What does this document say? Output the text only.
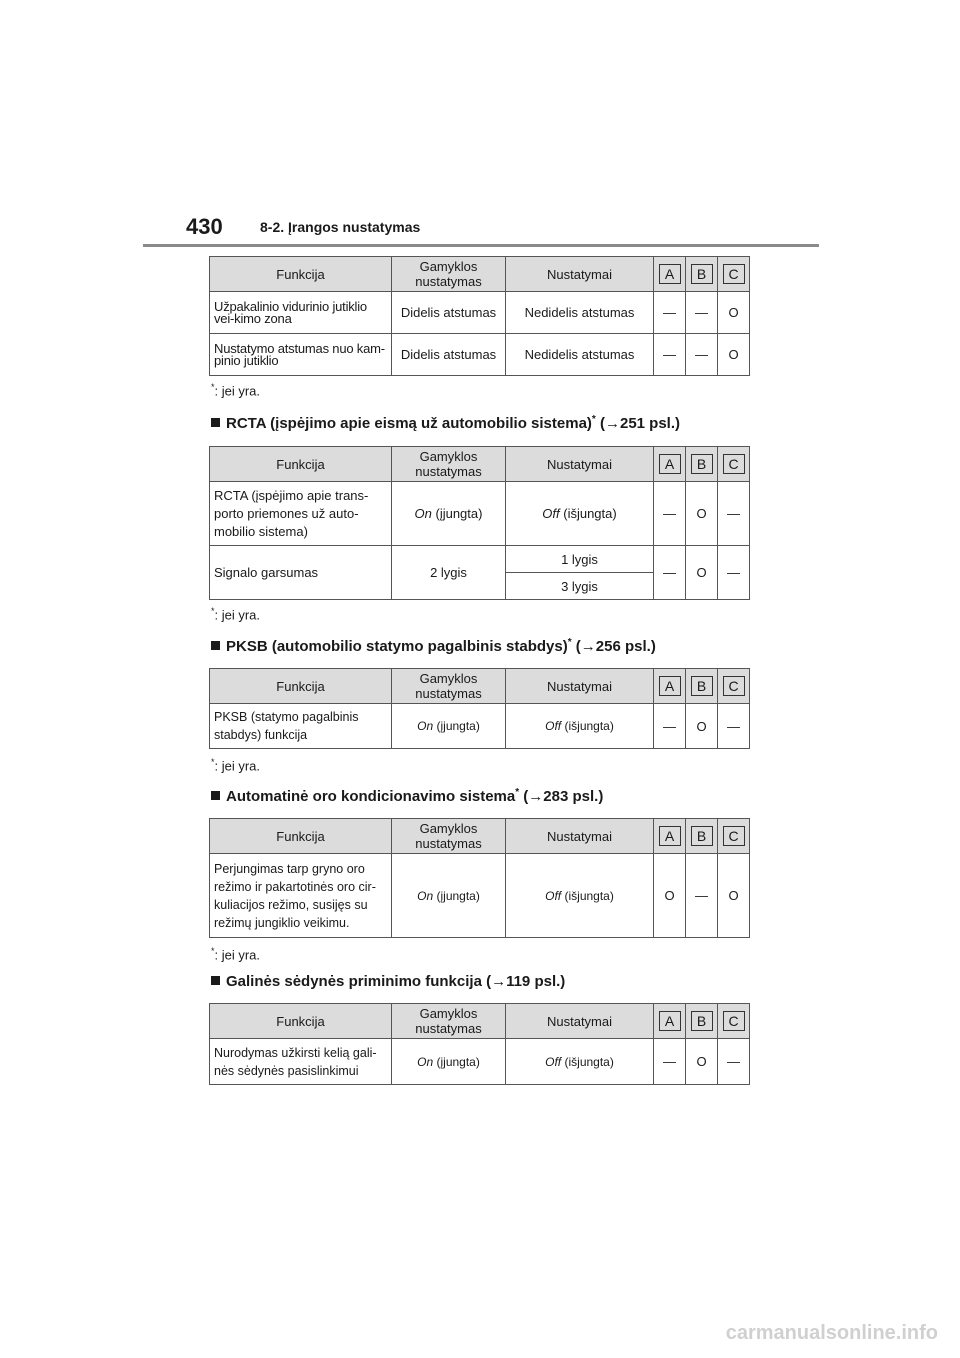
430	8-2. Įrangos nustatymas
Funkcija	Gamyklos nustatymas	Nustatymai	A	B	C
Užpakalinio vidurinio jutiklio vei-kimo zona	Didelis atstumas	Nedidelis atstumas	—	—	O
Nustatymo atstumas nuo kam-pinio jutiklio	Didelis atstumas	Nedidelis atstumas	—	—	O
*: jei yra.
RCTA (įspėjimo apie eismą už automobilio sistema)* (→251 psl.)
Funkcija	Gamyklos nustatymas	Nustatymai	A	B	C
RCTA (įspėjimo apie trans-porto priemones už auto-mobilio sistema)	On (įjungta)	Off (išjungta)	—	O	—
Signalo garsumas	2 lygis	1 lygis	—	O	—
		3 lygis			
*: jei yra.
PKSB (automobilio statymo pagalbinis stabdys)* (→256 psl.)
Funkcija	Gamyklos nustatymas	Nustatymai	A	B	C
PKSB (statymo pagalbinis stabdys) funkcija	On (įjungta)	Off (išjungta)	—	O	—
*: jei yra.
Automatinė oro kondicionavimo sistema* (→283 psl.)
Funkcija	Gamyklos nustatymas	Nustatymai	A	B	C
Perjungimas tarp gryno oro režimo ir pakartotinės oro cir-kuliacijos režimo, susijęs su režimų jungiklio veikimu.	On (įjungta)	Off (išjungta)	O	—	O
*: jei yra.
Galinės sėdynės priminimo funkcija (→119 psl.)
Funkcija	Gamyklos nustatymas	Nustatymai	A	B	C
Nurodymas užkirsti kelią gali-nės sėdynės pasislinkimui	On (įjungta)	Off (išjungta)	—	O	—
carmanualsonline.info
